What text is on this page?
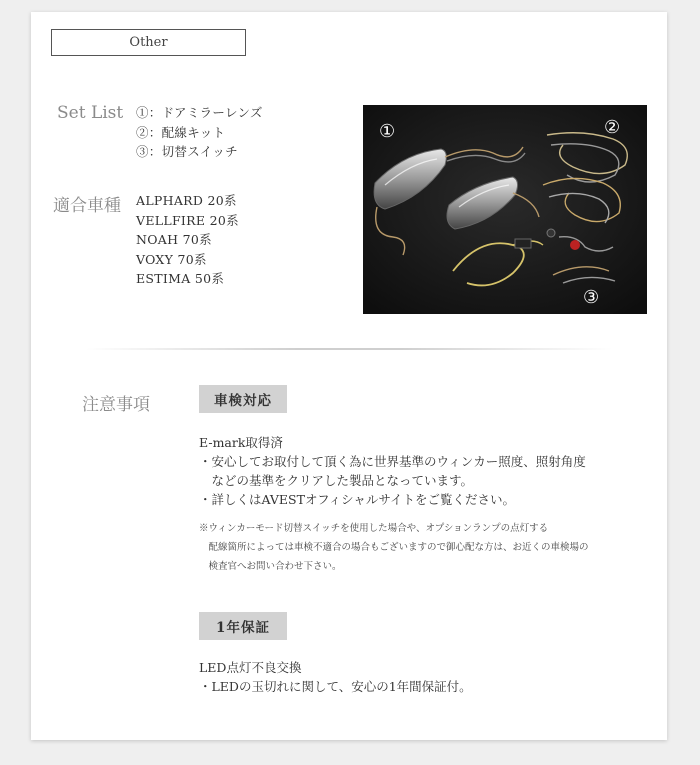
Other
Set List ①：ドアミラーレンズ
②：配線キット
③：切替スイッチ
適合車種 ALPHARD 20系
VELLFIRE 20系
NOAH 70系
VOXY 70系
ESTIMA 50系
①	②
③
注意事項	車検対応
E-mark取得済
・安心してお取付して頂く為に世界基準のウィンカー照度、照射角度
　などの基準をクリアした製品となっています。
・詳しくはAVESTオフィシャルサイトをご覧ください。
※ウィンカーモード切替スイッチを使用した場合や、オプションランプの点灯する
　配線箇所によっては車検不適合の場合もございますので御心配な方は、お近くの車検場の
　検査官へお問い合わせ下さい。
1年保証
LED点灯不良交換
・LEDの玉切れに関して、安心の1年間保証付。
